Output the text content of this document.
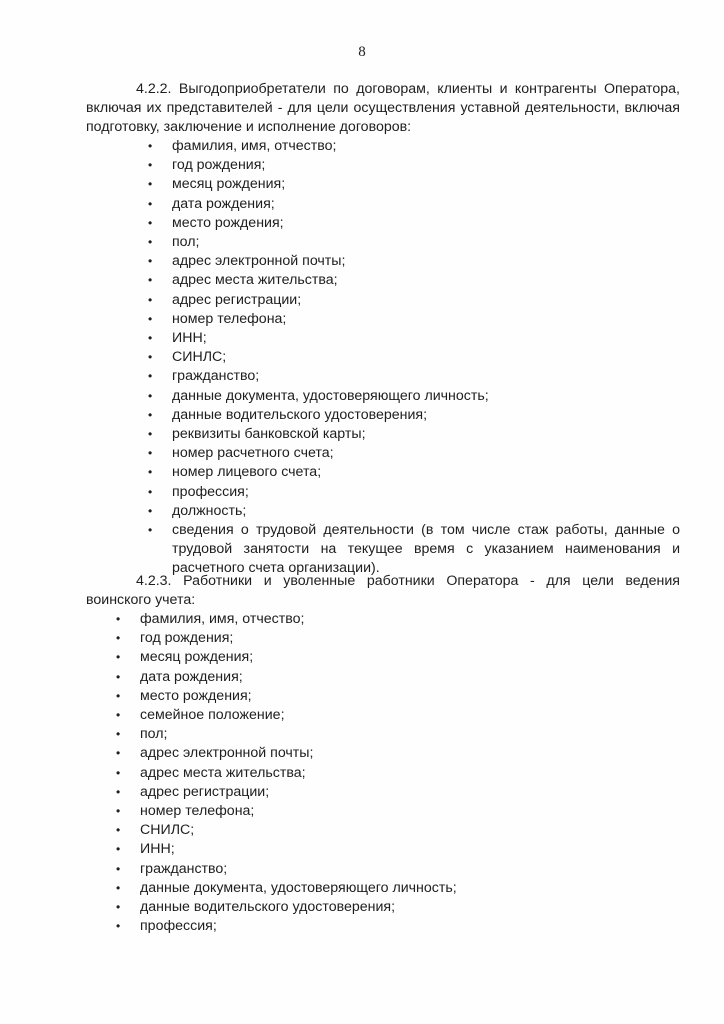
8

4.2.2. Выгодоприобретатели по договорам, клиенты и контрагенты Оператора, включая их представителей - для цели осуществления уставной деятельности, включая подготовку, заключение и исполнение договоров:

• фамилия, имя, отчество;
• год рождения;
• месяц рождения;
• дата рождения;
• место рождения;
• пол;
• адрес электронной почты;
• адрес места жительства;
• адрес регистрации;
• номер телефона;
• ИНН;
• СИНЛС;
• гражданство;
• данные документа, удостоверяющего личность;
• данные водительского удостоверения;
• реквизиты банковской карты;
• номер расчетного счета;
• номер лицевого счета;
• профессия;
• должность;
• сведения о трудовой деятельности (в том числе стаж работы, данные о трудовой занятости на текущее время с указанием наименования и расчетного счета организации).

4.2.3. Работники и уволенные работники Оператора - для цели ведения воинского учета:

• фамилия, имя, отчество;
• год рождения;
• месяц рождения;
• дата рождения;
• место рождения;
• семейное положение;
• пол;
• адрес электронной почты;
• адрес места жительства;
• адрес регистрации;
• номер телефона;
• СНИЛС;
• ИНН;
• гражданство;
• данные документа, удостоверяющего личность;
• данные водительского удостоверения;
• профессия;
